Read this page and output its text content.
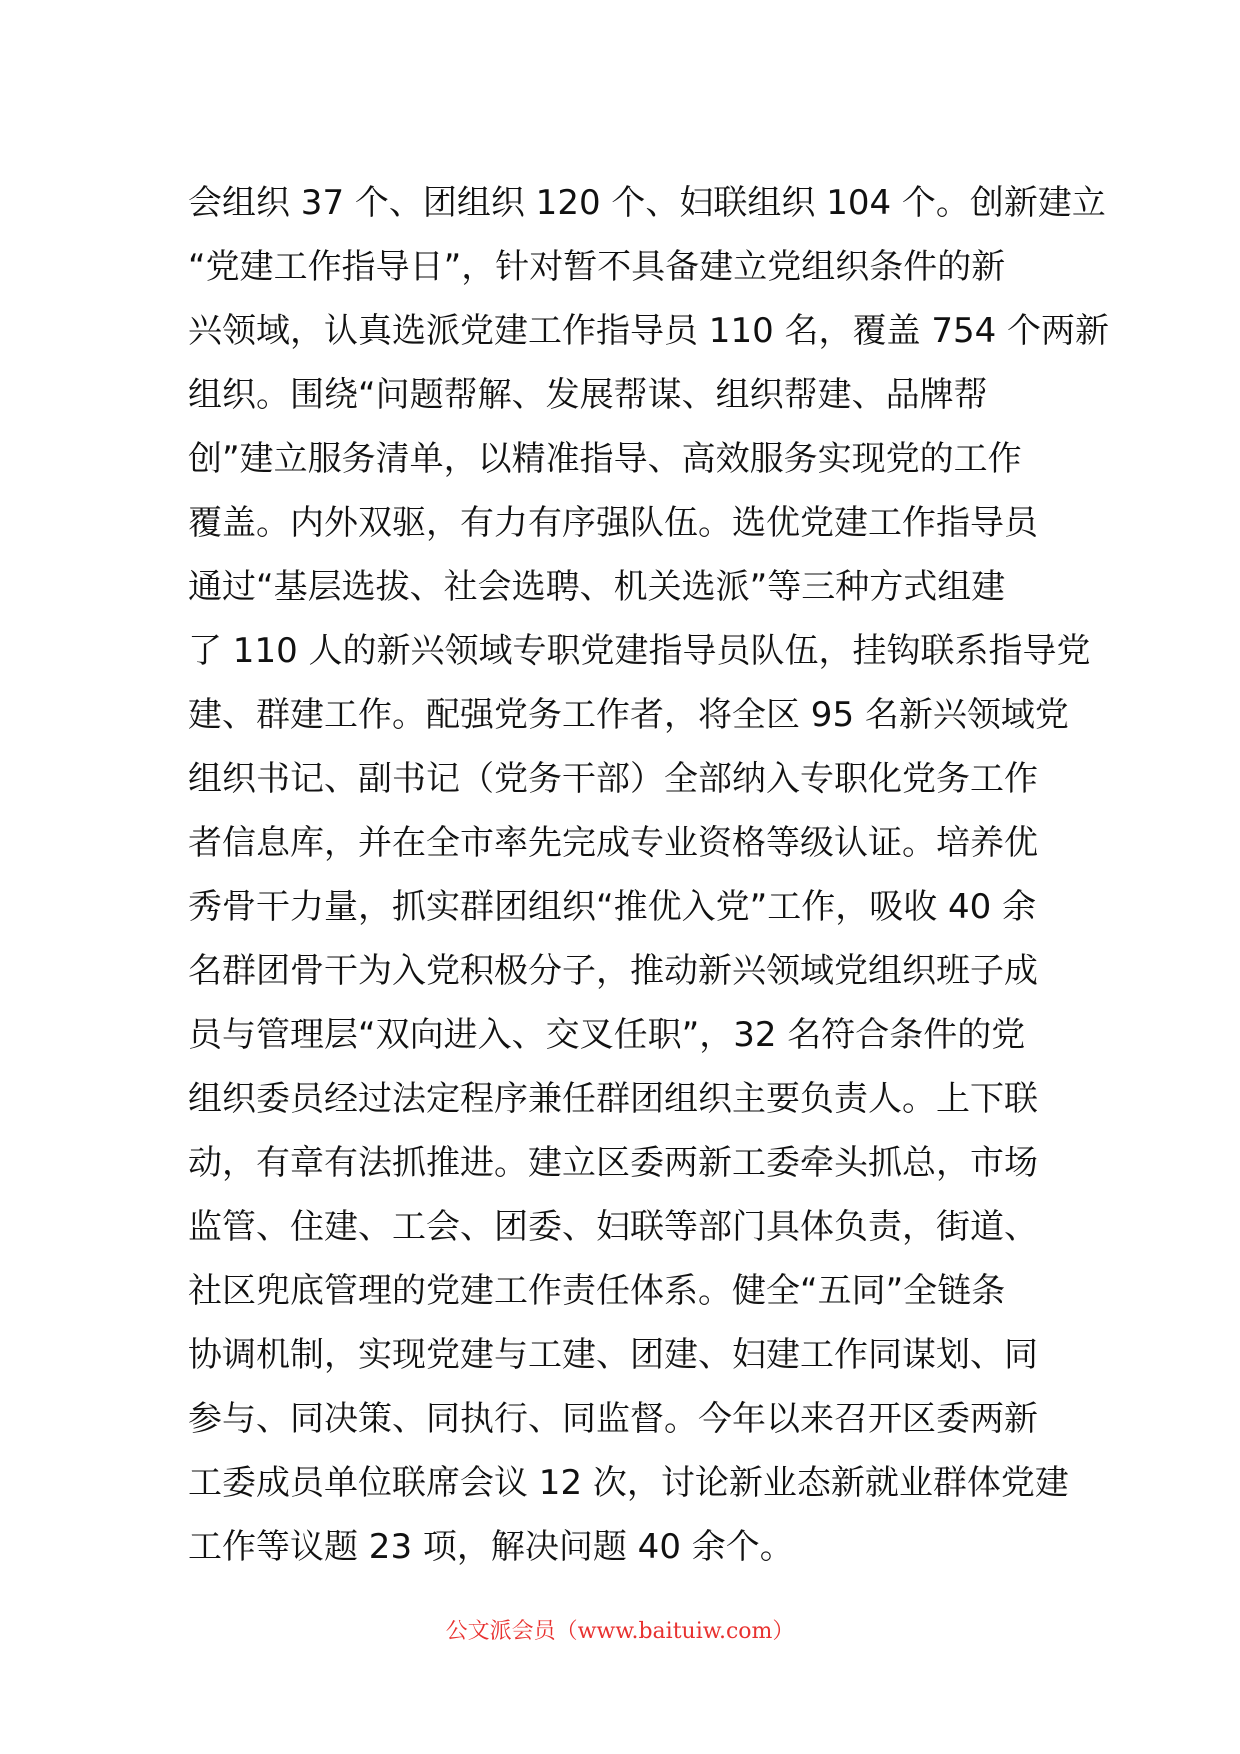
会组织 37 个、团组织 120 个、妇联组织 104 个。创新建立
“党建工作指导日”，针对暂不具备建立党组织条件的新
兴领域，认真选派党建工作指导员 110 名，覆盖 754 个两新
组织。围绕“问题帮解、发展帮谋、组织帮建、品牌帮
创”建立服务清单，以精准指导、高效服务实现党的工作
覆盖。内外双驱，有力有序强队伍。选优党建工作指导员
通过“基层选拔、社会选聘、机关选派”等三种方式组建
了 110 人的新兴领域专职党建指导员队伍，挂钩联系指导党
建、群建工作。配强党务工作者，将全区 95 名新兴领域党
组织书记、副书记（党务干部）全部纳入专职化党务工作
者信息库，并在全市率先完成专业资格等级认证。培养优
秀骨干力量，抓实群团组织“推优入党”工作，吸收 40 余
名群团骨干为入党积极分子，推动新兴领域党组织班子成
员与管理层“双向进入、交叉任职”，32 名符合条件的党
组织委员经过法定程序兼任群团组织主要负责人。上下联
动，有章有法抓推进。建立区委两新工委牵头抓总，市场
监管、住建、工会、团委、妇联等部门具体负责，街道、
社区兜底管理的党建工作责任体系。健全“五同”全链条
协调机制，实现党建与工建、团建、妇建工作同谋划、同
参与、同决策、同执行、同监督。今年以来召开区委两新
工委成员单位联席会议 12 次，讨论新业态新就业群体党建
工作等议题 23 项，解决问题 40 余个。
公文派会员（www.baituiw.com）
